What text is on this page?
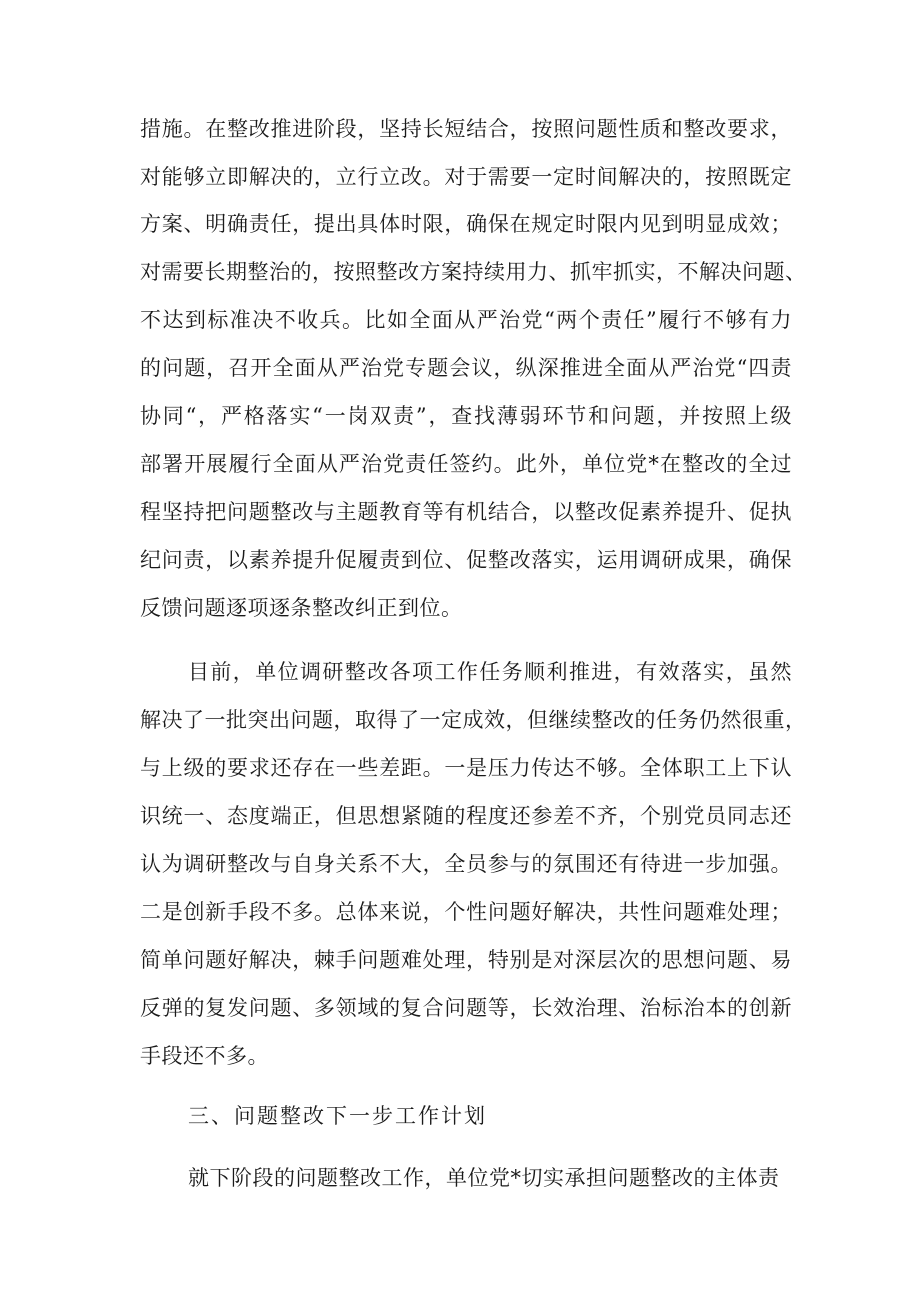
措施。在整改推进阶段，坚持长短结合，按照问题性质和整改要求，
对能够立即解决的，立行立改。对于需要一定时间解决的，按照既定
方案、明确责任，提出具体时限，确保在规定时限内见到明显成效；
对需要长期整治的，按照整改方案持续用力、抓牢抓实，不解决问题、
不达到标准决不收兵。比如全面从严治党“两个责任”履行不够有力
的问题，召开全面从严治党专题会议，纵深推进全面从严治党“四责
协同“，严格落实“一岗双责”，查找薄弱环节和问题，并按照上级
部署开展履行全面从严治党责任签约。此外，单位党*在整改的全过
程坚持把问题整改与主题教育等有机结合，以整改促素养提升、促执
纪问责，以素养提升促履责到位、促整改落实，运用调研成果，确保
反馈问题逐项逐条整改纠正到位。
目前，单位调研整改各项工作任务顺利推进，有效落实，虽然
解决了一批突出问题，取得了一定成效，但继续整改的任务仍然很重，
与上级的要求还存在一些差距。一是压力传达不够。全体职工上下认
识统一、态度端正，但思想紧随的程度还参差不齐，个别党员同志还
认为调研整改与自身关系不大，全员参与的氛围还有待进一步加强。
二是创新手段不多。总体来说，个性问题好解决，共性问题难处理；
简单问题好解决，棘手问题难处理，特别是对深层次的思想问题、易
反弹的复发问题、多领域的复合问题等，长效治理、治标治本的创新
手段还不多。
三、问题整改下一步工作计划
就下阶段的问题整改工作，单位党*切实承担问题整改的主体责
